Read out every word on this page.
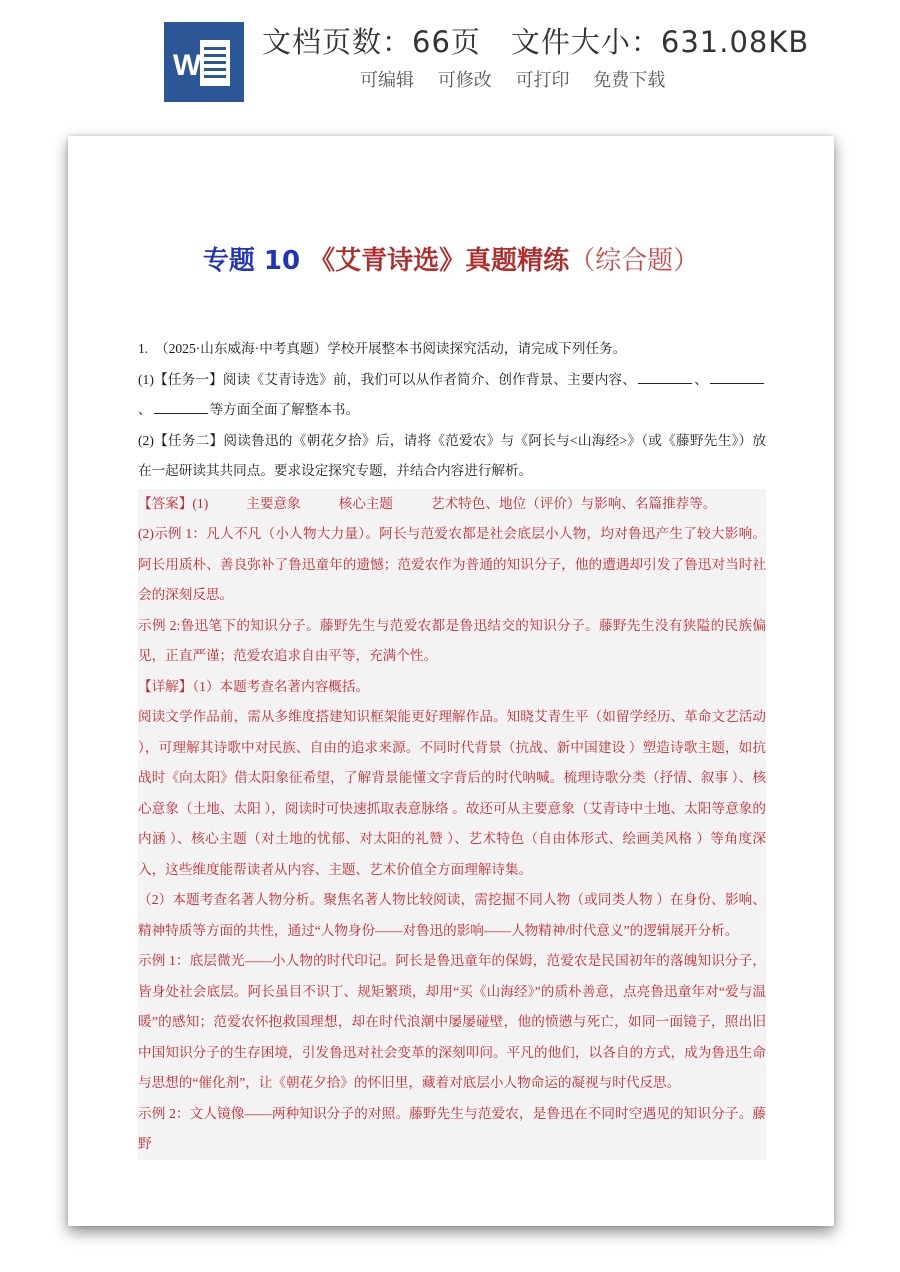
W
文档页数：66页 文件大小：631.08KB
可编辑 可修改 可打印 免费下载
专题 10 《艾青诗选》真题精练（综合题）

1.　（2025·山东威海·中考真题）学校开展整本书阅读探究活动，请完成下列任务。

(1)【任务一】阅读《艾青诗选》前，我们可以从作者简介、创作背景、主要内容、	、、	等方面全面了解整本书。

(2)【任务二】阅读鲁迅的《朝花夕拾》后，请将《范爱农》与《阿长与<山海经>》（或《藤野先生》）放在一起研读其共同点。要求设定探究专题，并结合内容进行解析。

【答案】(1)	主要意象	核心主题	艺术特色、地位（评价）与影响、名篇推荐等。

(2)示例 1：凡人不凡（小人物大力量）。阿长与范爱农都是社会底层小人物，均对鲁迅产生了较大影响。阿长用质朴、善良弥补了鲁迅童年的遗憾；范爱农作为普通的知识分子，他的遭遇却引发了鲁迅对当时社会的深刻反思。

示例 2:鲁迅笔下的知识分子。藤野先生与范爱农都是鲁迅结交的知识分子。藤野先生没有狭隘的民族偏见，正直严谨；范爱农追求自由平等，充满个性。

【详解】（1）本题考查名著内容概括。

阅读文学作品前，需从多维度搭建知识框架能更好理解作品。知晓艾青生平（如留学经历、革命文艺活动 ），可理解其诗歌中对民族、自由的追求来源。不同时代背景（抗战、新中国建设 ）塑造诗歌主题，如抗战时《向太阳》借太阳象征希望，了解背景能懂文字背后的时代呐喊。梳理诗歌分类（抒情、叙事 ）、核心意象（土地、太阳 ），阅读时可快速抓取表意脉络 。故还可从主要意象（艾青诗中土地、太阳等意象的内涵 ）、核心主题（对土地的忧郁、对太阳的礼赞 ）、艺术特色（自由体形式、绘画美风格 ）等角度深入，这些维度能帮读者从内容、主题、艺术价值全方面理解诗集。

（2）本题考查名著人物分析。聚焦名著人物比较阅读，需挖掘不同人物（或同类人物 ）在身份、影响、精神特质等方面的共性，通过“人物身份——对鲁迅的影响——人物精神/时代意义”的逻辑展开分析。

示例 1：底层微光——小人物的时代印记。阿长是鲁迅童年的保姆，范爱农是民国初年的落魄知识分子，皆身处社会底层。阿长虽目不识丁、规矩繁琐，却用“买《山海经》”的质朴善意，点亮鲁迅童年对“爱与温暖”的感知；范爱农怀抱救国理想，却在时代浪潮中屡屡碰壁，他的愤懑与死亡，如同一面镜子，照出旧中国知识分子的生存困境，引发鲁迅对社会变革的深刻叩问。平凡的他们，以各自的方式，成为鲁迅生命与思想的“催化剂”，让《朝花夕拾》的怀旧里，藏着对底层小人物命运的凝视与时代反思。

示例 2：文人镜像——两种知识分子的对照。藤野先生与范爱农，是鲁迅在不同时空遇见的知识分子。藤野
